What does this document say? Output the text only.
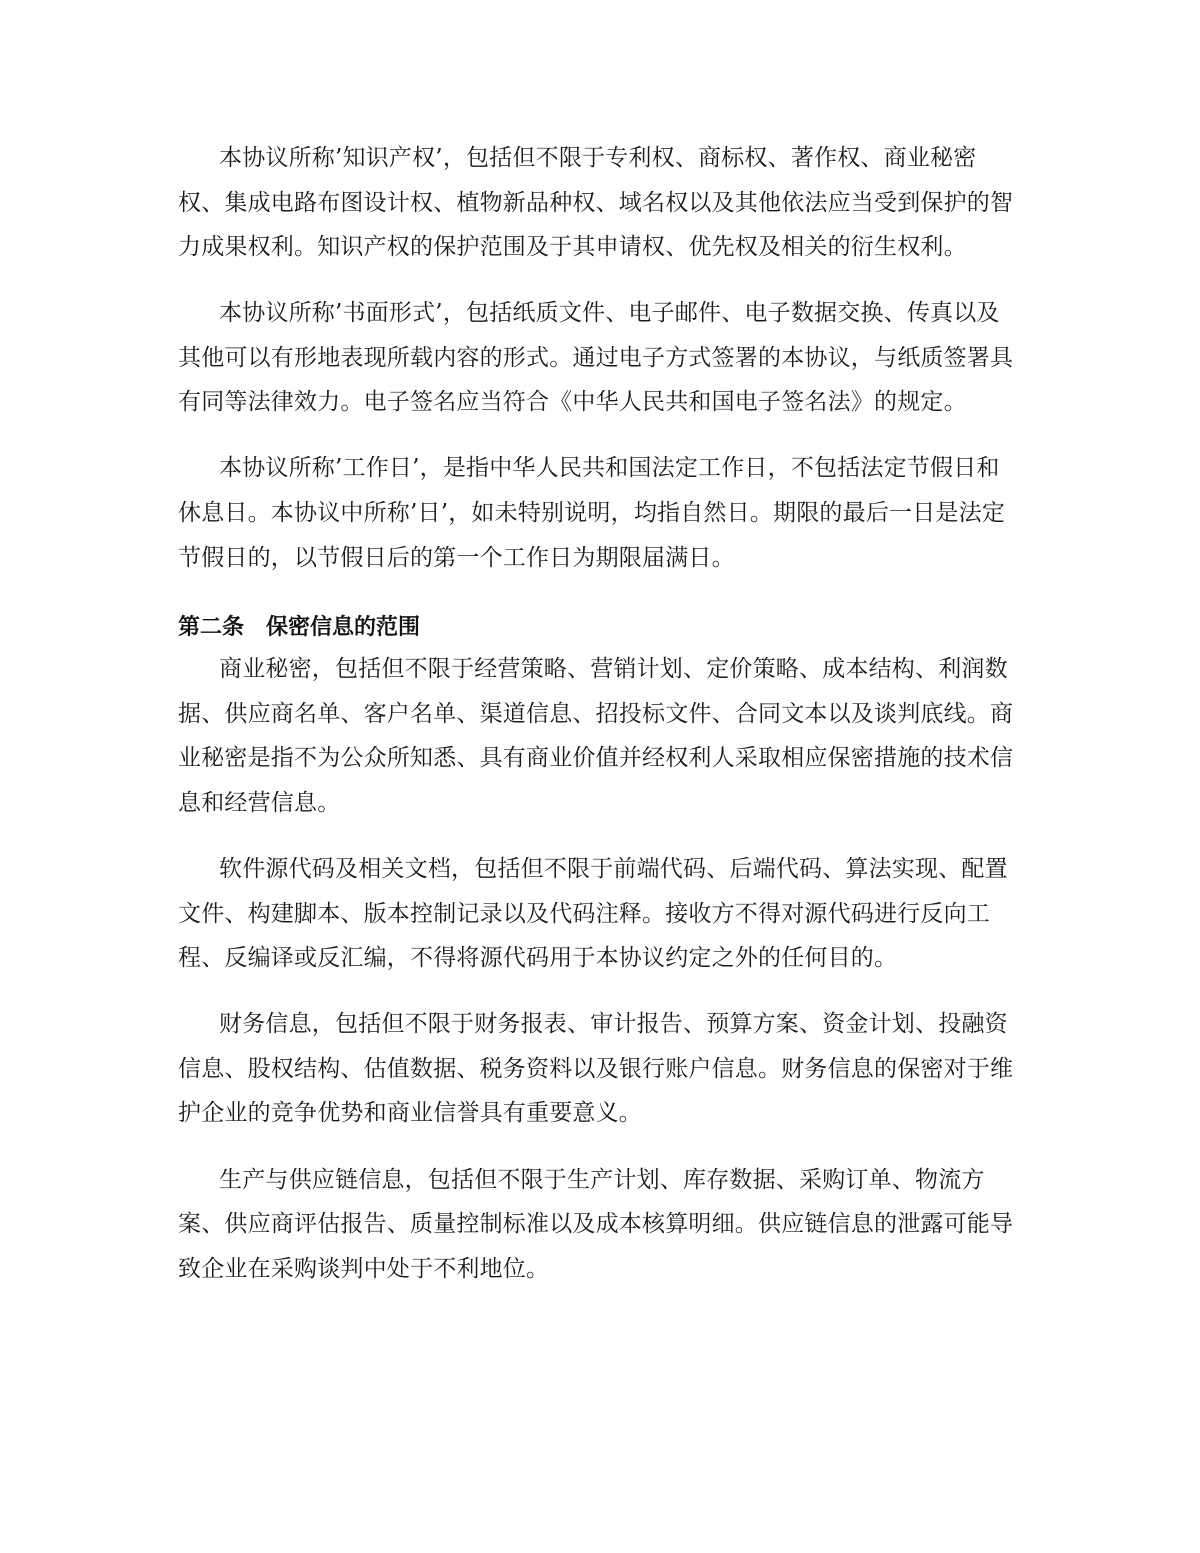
本协议所称’知识产权’，包括但不限于专利权、商标权、著作权、商业秘密
权、集成电路布图设计权、植物新品种权、域名权以及其他依法应当受到保护的智
力成果权利。知识产权的保护范围及于其申请权、优先权及相关的衍生权利。
本协议所称’书面形式’，包括纸质文件、电子邮件、电子数据交换、传真以及
其他可以有形地表现所载内容的形式。通过电子方式签署的本协议，与纸质签署具
有同等法律效力。电子签名应当符合《中华人民共和国电子签名法》的规定。
本协议所称’工作日’，是指中华人民共和国法定工作日，不包括法定节假日和
休息日。本协议中所称’日’，如未特别说明，均指自然日。期限的最后一日是法定
节假日的，以节假日后的第一个工作日为期限届满日。
第二条　保密信息的范围
商业秘密，包括但不限于经营策略、营销计划、定价策略、成本结构、利润数
据、供应商名单、客户名单、渠道信息、招投标文件、合同文本以及谈判底线。商
业秘密是指不为公众所知悉、具有商业价值并经权利人采取相应保密措施的技术信
息和经营信息。
软件源代码及相关文档，包括但不限于前端代码、后端代码、算法实现、配置
文件、构建脚本、版本控制记录以及代码注释。接收方不得对源代码进行反向工
程、反编译或反汇编，不得将源代码用于本协议约定之外的任何目的。
财务信息，包括但不限于财务报表、审计报告、预算方案、资金计划、投融资
信息、股权结构、估值数据、税务资料以及银行账户信息。财务信息的保密对于维
护企业的竞争优势和商业信誉具有重要意义。
生产与供应链信息，包括但不限于生产计划、库存数据、采购订单、物流方
案、供应商评估报告、质量控制标准以及成本核算明细。供应链信息的泄露可能导
致企业在采购谈判中处于不利地位。
